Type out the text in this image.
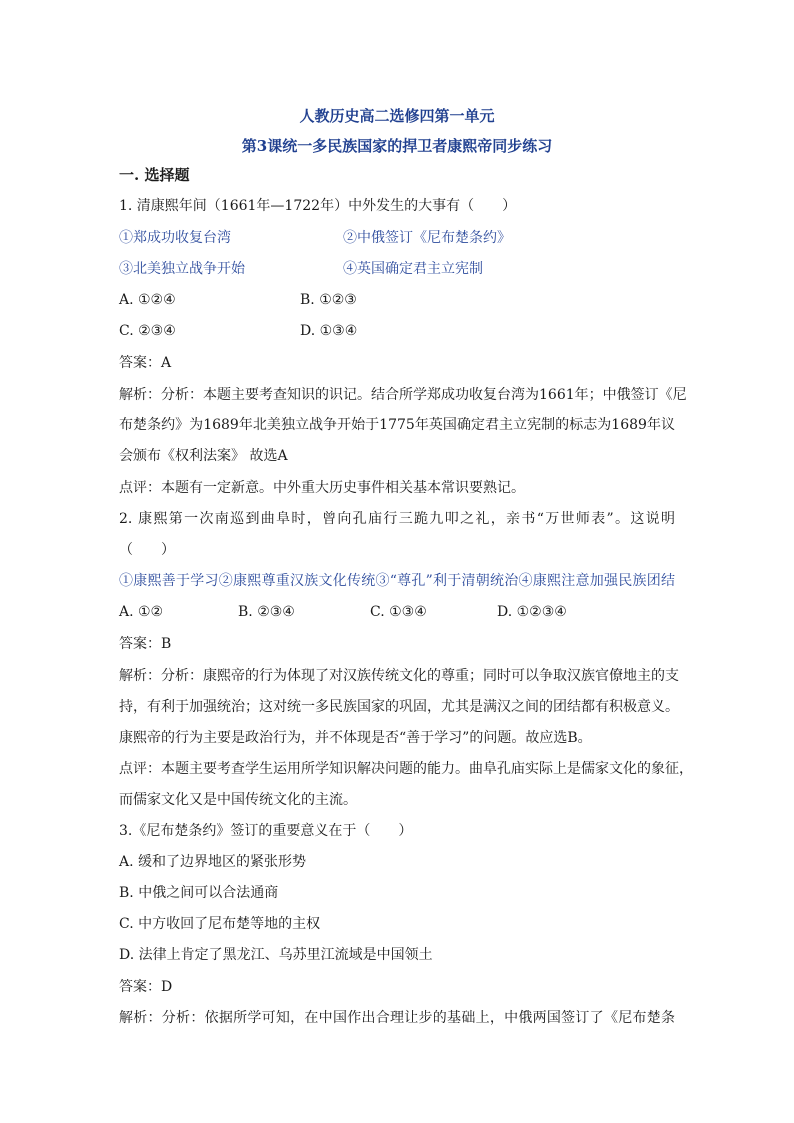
人教历史高二选修四第一单元
第3课统一多民族国家的捍卫者康熙帝同步练习
一. 选择题
1. 清康熙年间（1661年—1722年）中外发生的大事有（　　）
①郑成功收复台湾	②中俄签订《尼布楚条约》
③北美独立战争开始	④英国确定君主立宪制
A. ①②④	B. ①②③
C. ②③④	D. ①③④
答案：A
解析：分析：本题主要考查知识的识记。结合所学郑成功收复台湾为1661年；中俄签订《尼
布楚条约》为1689年北美独立战争开始于1775年英国确定君主立宪制的标志为1689年议
会颁布《权利法案》 故选A
点评：本题有一定新意。中外重大历史事件相关基本常识要熟记。
2. 康熙第一次南巡到曲阜时，曾向孔庙行三跪九叩之礼，亲书“万世师表”。这说明
（　　）
①康熙善于学习②康熙尊重汉族文化传统③“尊孔”利于清朝统治④康熙注意加强民族团结
A. ①②	B. ②③④	C. ①③④	D. ①②③④
答案：B
解析：分析：康熙帝的行为体现了对汉族传统文化的尊重；同时可以争取汉族官僚地主的支
持，有利于加强统治；这对统一多民族国家的巩固，尤其是满汉之间的团结都有积极意义。
康熙帝的行为主要是政治行为，并不体现是否“善于学习”的问题。故应选B。
点评：本题主要考查学生运用所学知识解决问题的能力。曲阜孔庙实际上是儒家文化的象征，
而儒家文化又是中国传统文化的主流。
3.《尼布楚条约》签订的重要意义在于（　　）
A. 缓和了边界地区的紧张形势
B. 中俄之间可以合法通商
C. 中方收回了尼布楚等地的主权
D. 法律上肯定了黑龙江、乌苏里江流域是中国领土
答案：D
解析：分析：依据所学可知，在中国作出合理让步的基础上，中俄两国签订了《尼布楚条
